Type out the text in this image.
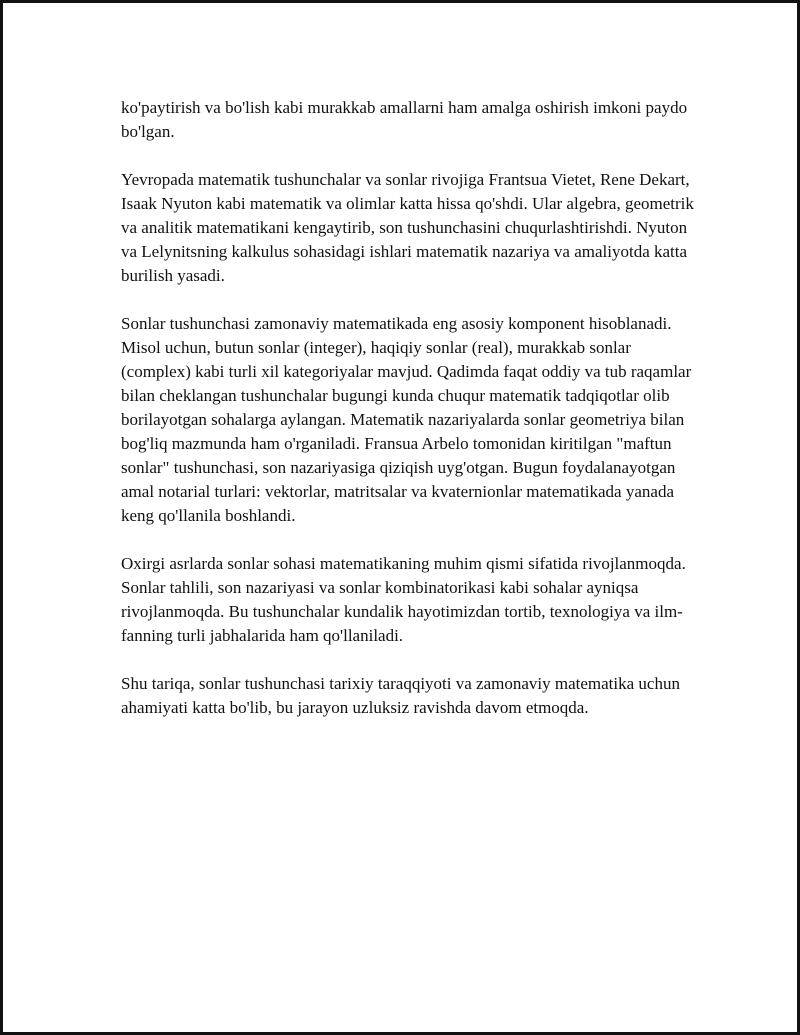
ko'paytirish va bo'lish kabi murakkab amallarni ham amalga oshirish imkoni paydo bo'lgan.

Yevropada matematik tushunchalar va sonlar rivojiga Frantsua Vietet, Rene Dekart, Isaak Nyuton kabi matematik va olimlar katta hissa qo'shdi. Ular algebra, geometrik va analitik matematikani kengaytirib, son tushunchasini chuqurlashtirishdi. Nyuton va Lelynitsning kalkulus sohasidagi ishlari matematik nazariya va amaliyotda katta burilish yasadi.

Sonlar tushunchasi zamonaviy matematikada eng asosiy komponent hisoblanadi. Misol uchun, butun sonlar (integer), haqiqiy sonlar (real), murakkab sonlar (complex) kabi turli xil kategoriyalar mavjud. Qadimda faqat oddiy va tub raqamlar bilan cheklangan tushunchalar bugungi kunda chuqur matematik tadqiqotlar olib borilayotgan sohalarga aylangan. Matematik nazariyalarda sonlar geometriya bilan bog'liq mazmunda ham o'rganiladi. Fransua Arbelo tomonidan kiritilgan "maftun sonlar" tushunchasi, son nazariyasiga qiziqish uyg'otgan. Bugun foydalanayotgan amal notarial turlari: vektorlar, matritsalar va kvaternionlar matematikada yanada keng qo'llanila boshlandi.

Oxirgi asrlarda sonlar sohasi matematikaning muhim qismi sifatida rivojlanmoqda. Sonlar tahlili, son nazariyasi va sonlar kombinatorikasi kabi sohalar ayniqsa rivojlanmoqda. Bu tushunchalar kundalik hayotimizdan tortib, texnologiya va ilm-fanning turli jabhalarida ham qo'llaniladi.

Shu tariqa, sonlar tushunchasi tarixiy taraqqiyoti va zamonaviy matematika uchun ahamiyati katta bo'lib, bu jarayon uzluksiz ravishda davom etmoqda.
